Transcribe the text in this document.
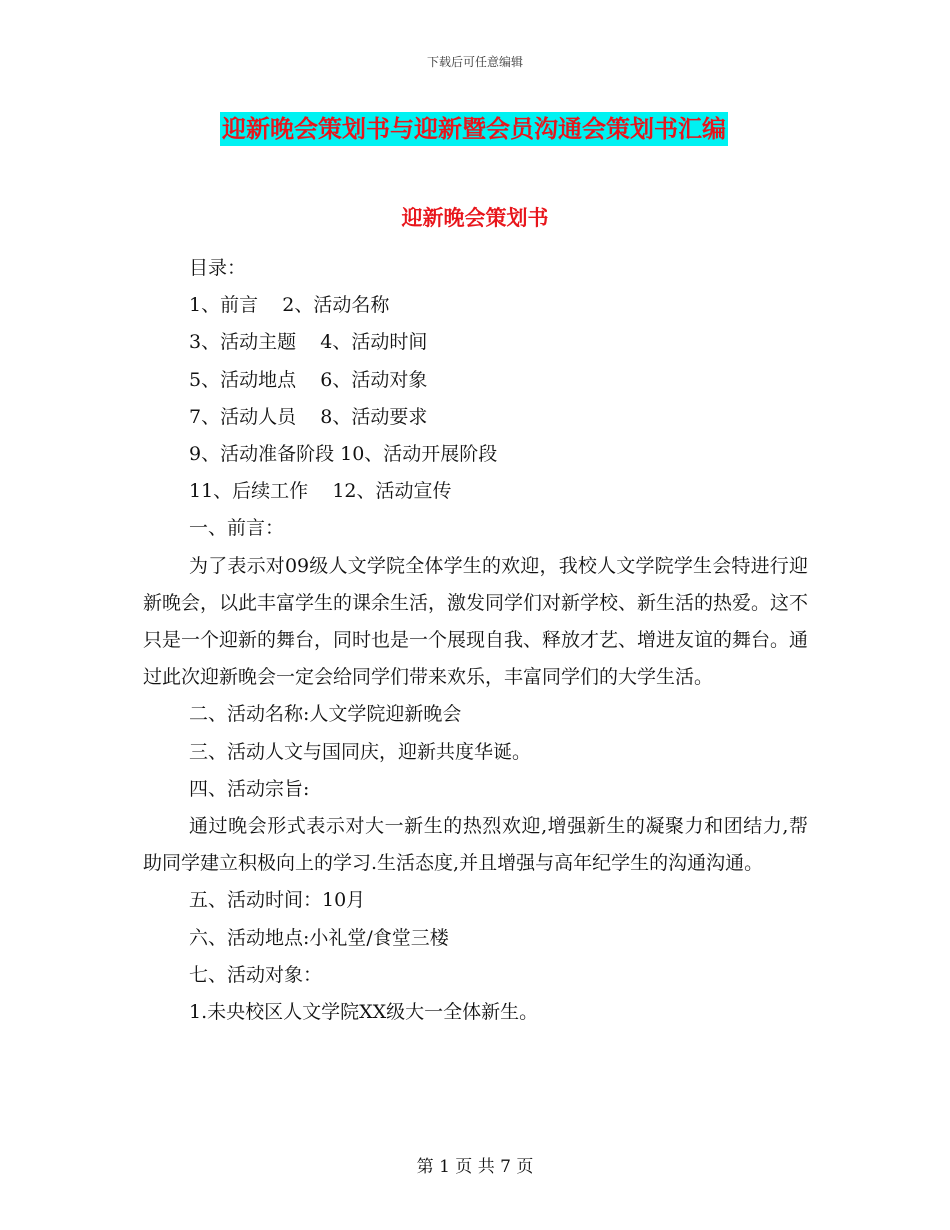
下载后可任意编辑
迎新晚会策划书与迎新暨会员沟通会策划书汇编
迎新晚会策划书

目录：

1、前言    2、活动名称

3、活动主题    4、活动时间

5、活动地点    6、活动对象

7、活动人员    8、活动要求

9、活动准备阶段 10、活动开展阶段

11、后续工作    12、活动宣传

一、前言：

为了表示对09级人文学院全体学生的欢迎，我校人文学院学生会特进行迎新晚会，以此丰富学生的课余生活，激发同学们对新学校、新生活的热爱。这不只是一个迎新的舞台，同时也是一个展现自我、释放才艺、增进友谊的舞台。通过此次迎新晚会一定会给同学们带来欢乐，丰富同学们的大学生活。

二、活动名称:人文学院迎新晚会

三、活动人文与国同庆，迎新共度华诞。

四、活动宗旨:

通过晚会形式表示对大一新生的热烈欢迎,增强新生的凝聚力和团结力,帮助同学建立积极向上的学习.生活态度,并且增强与高年纪学生的沟通沟通。

五、活动时间：10月

六、活动地点:小礼堂/食堂三楼

七、活动对象：

1.未央校区人文学院XX级大一全体新生。

第 1 页 共 7 页
